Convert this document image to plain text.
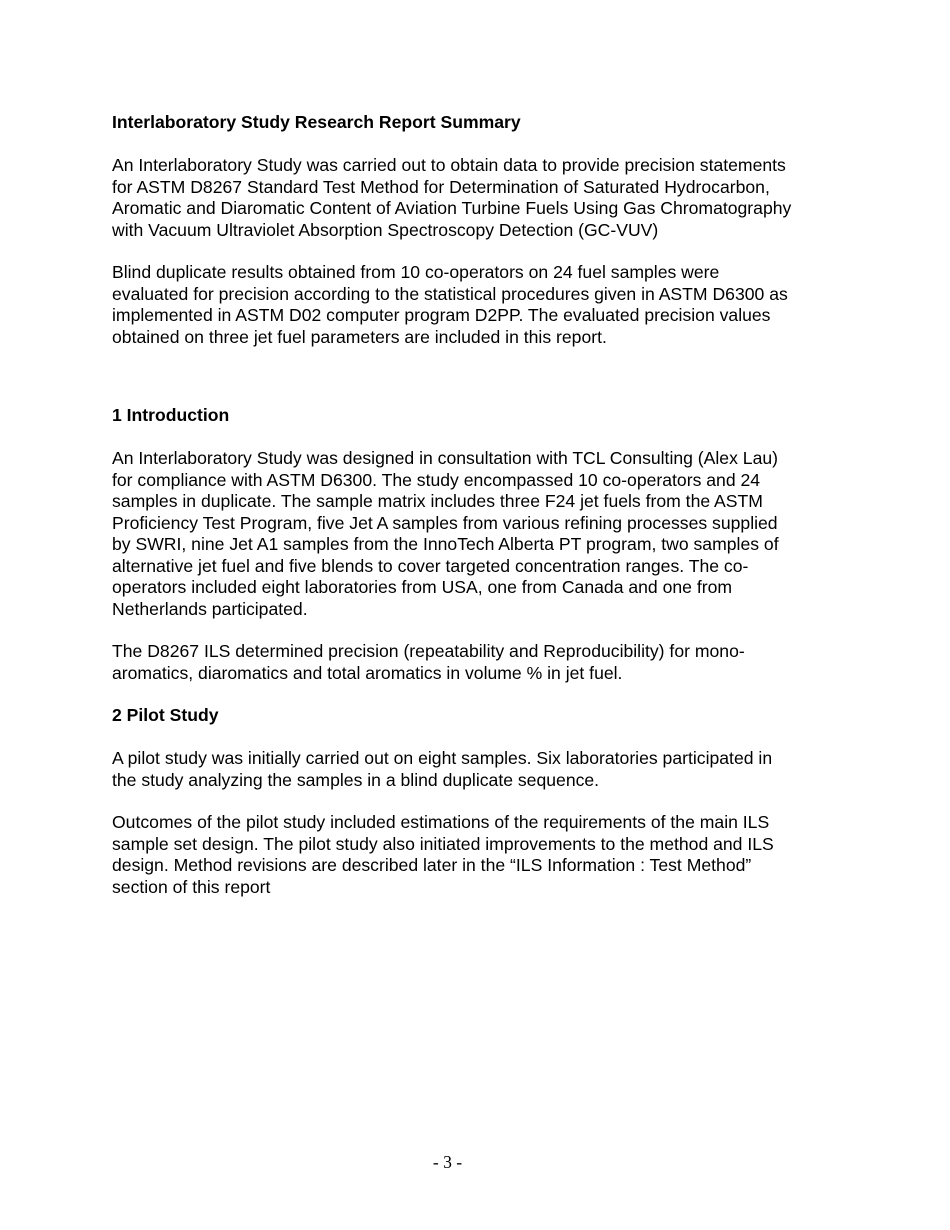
Interlaboratory Study Research Report Summary
An Interlaboratory Study was carried out to obtain data to provide precision statements
for ASTM D8267 Standard Test Method for Determination of Saturated Hydrocarbon,
Aromatic and Diaromatic Content of Aviation Turbine Fuels Using Gas Chromatography
with Vacuum Ultraviolet Absorption Spectroscopy Detection (GC-VUV)
Blind duplicate results obtained from 10 co-operators on 24 fuel samples were
evaluated for precision according to the statistical procedures given in ASTM D6300 as
implemented in ASTM D02 computer program D2PP. The evaluated precision values
obtained on three jet fuel parameters are included in this report.
1 Introduction
An Interlaboratory Study was designed in consultation with TCL Consulting (Alex Lau)
for compliance with ASTM D6300. The study encompassed 10 co-operators and 24
samples in duplicate. The sample matrix includes three F24 jet fuels from the ASTM
Proficiency Test Program, five Jet A samples from various refining processes supplied
by SWRI, nine Jet A1 samples from the InnoTech Alberta PT program, two samples of
alternative jet fuel and five blends to cover targeted concentration ranges. The co-
operators included eight laboratories from USA, one from Canada and one from
Netherlands participated.
The D8267 ILS determined precision (repeatability and Reproducibility) for mono-
aromatics, diaromatics and total aromatics in volume % in jet fuel.
2 Pilot Study
A pilot study was initially carried out on eight samples. Six laboratories participated in
the study analyzing the samples in a blind duplicate sequence.
Outcomes of the pilot study included estimations of the requirements of the main ILS
sample set design. The pilot study also initiated improvements to the method and ILS
design. Method revisions are described later in the “ILS Information : Test Method”
section of this report
- 3 -
